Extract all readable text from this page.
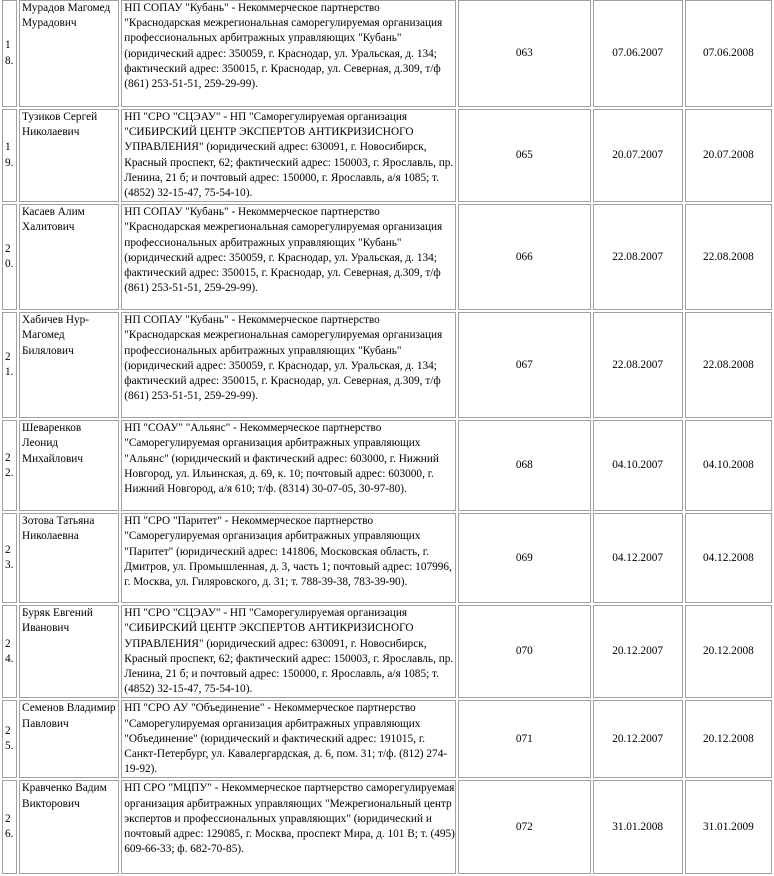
18.	Мурадов Магомед Мурадович	НП СОПАУ "Кубань" - Некоммерческое партнерство "Краснодарская межрегиональная саморегулируемая организация профессиональных арбитражных управляющих "Кубань" (юридический адрес: 350059, г. Краснодар, ул. Уральская, д. 134; фактический адрес: 350015, г. Краснодар, ул. Северная, д.309, т/ф (861) 253-51-51, 259-29-99).	063	07.06.2007	07.06.2008
19.	Тузиков Сергей Николаевич	НП "СРО "СЦЭАУ" - НП "Саморегулируемая организация "СИБИРСКИЙ ЦЕНТР ЭКСПЕРТОВ АНТИКРИЗИСНОГО УПРАВЛЕНИЯ" (юридический адрес: 630091, г. Новосибирск, Красный проспект, 62; фактический адрес: 150003, г. Ярославль, пр. Ленина, 21 б; и почтовый адрес: 150000, г. Ярославль, а/я 1085; т. (4852) 32-15-47, 75-54-10).	065	20.07.2007	20.07.2008
20.	Касаев Алим Халитович	НП СОПАУ "Кубань" - Некоммерческое партнерство "Краснодарская межрегиональная саморегулируемая организация профессиональных арбитражных управляющих "Кубань" (юридический адрес: 350059, г. Краснодар, ул. Уральская, д. 134; фактический адрес: 350015, г. Краснодар, ул. Северная, д.309, т/ф (861) 253-51-51, 259-29-99).	066	22.08.2007	22.08.2008
21.	Хабичев Нур-Магомед Билялович	НП СОПАУ "Кубань" - Некоммерческое партнерство "Краснодарская межрегиональная саморегулируемая организация профессиональных арбитражных управляющих "Кубань" (юридический адрес: 350059, г. Краснодар, ул. Уральская, д. 134; фактический адрес: 350015, г. Краснодар, ул. Северная, д.309, т/ф (861) 253-51-51, 259-29-99).	067	22.08.2007	22.08.2008
22.	Шеваренков Леонид Михайлович	НП "СОАУ" "Альянс" - Некоммерческое партнерство "Саморегулируемая организация арбитражных управляющих "Альянс" (юридический и фактический адрес: 603000, г. Нижний Новгород, ул. Ильинская, д. 69, к. 10; почтовый адрес: 603000, г. Нижний Новгород, а/я 610; т/ф. (8314) 30-07-05, 30-97-80).	068	04.10.2007	04.10.2008
23.	Зотова Татьяна Николаевна	НП "СРО "Паритет" - Некоммерческое партнерство "Саморегулируемая организация арбитражных управляющих "Паритет" (юридический адрес: 141806, Московская область, г. Дмитров, ул. Промышленная, д. 3, часть 1; почтовый адрес: 107996, г. Москва, ул. Гиляровского, д. 31; т. 788-39-38, 783-39-90).	069	04.12.2007	04.12.2008
24.	Буряк Евгений Иванович	НП "СРО "СЦЭАУ" - НП "Саморегулируемая организация "СИБИРСКИЙ ЦЕНТР ЭКСПЕРТОВ АНТИКРИЗИСНОГО УПРАВЛЕНИЯ" (юридический адрес: 630091, г. Новосибирск, Красный проспект, 62; фактический адрес: 150003, г. Ярославль, пр. Ленина, 21 б; и почтовый адрес: 150000, г. Ярославль, а/я 1085; т. (4852) 32-15-47, 75-54-10).	070	20.12.2007	20.12.2008
25.	Семенов Владимир Павлович	НП "СРО АУ "Объединение" - Некоммерческое партнерство "Саморегулируемая организация арбитражных управляющих "Объединение" (юридический и фактический адрес: 191015, г. Санкт-Петербург, ул. Кавалергардская, д. 6, пом. 31; т/ф. (812) 274-19-92).	071	20.12.2007	20.12.2008
26.	Кравченко Вадим Викторович	НП СРО "МЦПУ" - Некоммерческое партнерство саморегулируемая организация арбитражных управляющих "Межрегиональный центр экспертов и профессиональных управляющих" (юридический и почтовый адрес: 129085, г. Москва, проспект Мира, д. 101 В; т. (495) 609-66-33; ф. 682-70-85).	072	31.01.2008	31.01.2009
